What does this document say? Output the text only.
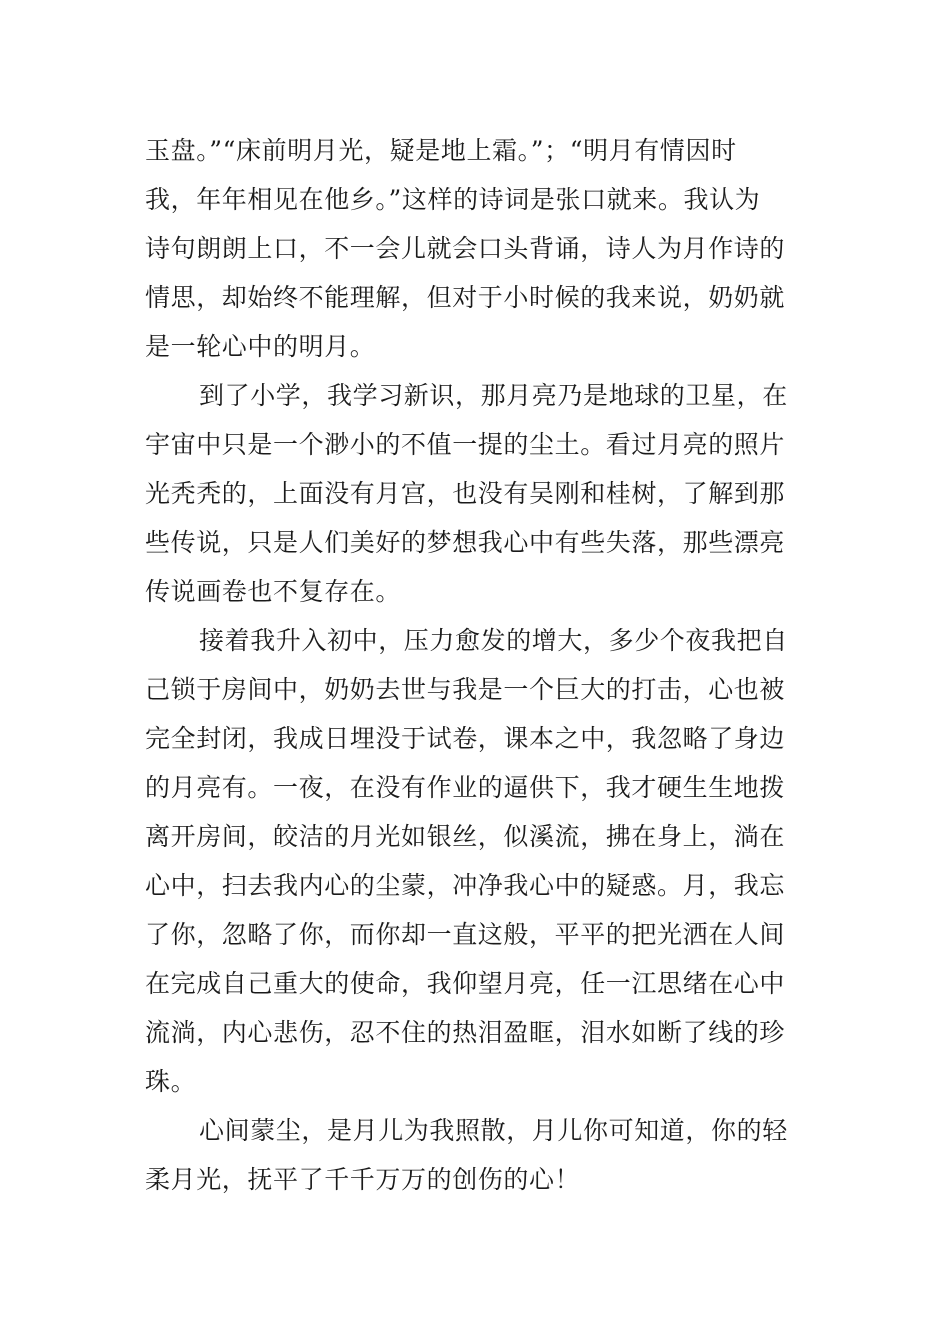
玉盘。”“床前明月光，疑是地上霜。”；“明月有情因时
我，年年相见在他乡。”这样的诗词是张口就来。我认为
诗句朗朗上口，不一会儿就会口头背诵，诗人为月作诗的
情思，却始终不能理解，但对于小时候的我来说，奶奶就
是一轮心中的明月。
到了小学，我学习新识，那月亮乃是地球的卫星，在
宇宙中只是一个渺小的不值一提的尘土。看过月亮的照片
光秃秃的，上面没有月宫，也没有吴刚和桂树，了解到那
些传说，只是人们美好的梦想我心中有些失落，那些漂亮
传说画卷也不复存在。
接着我升入初中，压力愈发的增大，多少个夜我把自
己锁于房间中，奶奶去世与我是一个巨大的打击，心也被
完全封闭，我成日埋没于试卷，课本之中，我忽略了身边
的月亮有。一夜，在没有作业的逼供下，我才硬生生地拨
离开房间，皎洁的月光如银丝，似溪流，拂在身上，淌在
心中，扫去我内心的尘蒙，冲净我心中的疑惑。月，我忘
了你，忽略了你，而你却一直这般，平平的把光洒在人间
在完成自己重大的使命，我仰望月亮，任一江思绪在心中
流淌，内心悲伤，忍不住的热泪盈眶，泪水如断了线的珍
珠。
心间蒙尘，是月儿为我照散，月儿你可知道，你的轻
柔月光，抚平了千千万万的创伤的心！
